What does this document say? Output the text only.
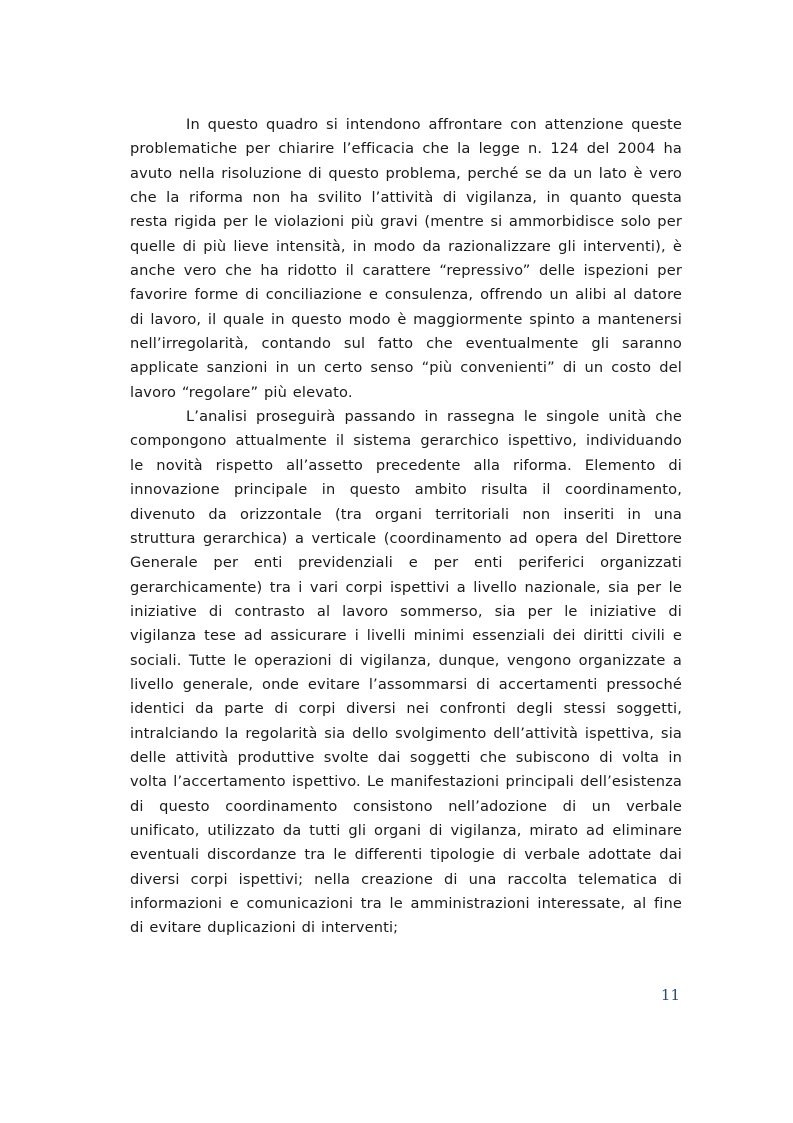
In questo quadro si intendono affrontare con attenzione queste problematiche per chiarire l’efficacia che la legge n. 124 del 2004 ha avuto nella risoluzione di questo problema, perché se da un lato è vero che la riforma non ha svilito l’attività di vigilanza, in quanto questa resta rigida per le violazioni più gravi (mentre si ammorbidisce solo per quelle di più lieve intensità, in modo da razionalizzare gli interventi), è anche vero che ha ridotto il carattere “repressivo” delle ispezioni per favorire forme di conciliazione e consulenza, offrendo un alibi al datore di lavoro, il quale in questo modo è maggiormente spinto a mantenersi nell’irregolarità, contando sul fatto che eventualmente gli saranno applicate sanzioni in un certo senso “più convenienti” di un costo del lavoro “regolare” più elevato.

L’analisi proseguirà passando in rassegna le singole unità che compongono attualmente il sistema gerarchico ispettivo, individuando le novità rispetto all’assetto precedente alla riforma. Elemento di innovazione principale in questo ambito risulta il coordinamento, divenuto da orizzontale (tra organi territoriali non inseriti in una struttura gerarchica) a verticale (coordinamento ad opera del Direttore Generale per enti previdenziali e per enti periferici organizzati gerarchicamente) tra i vari corpi ispettivi a livello nazionale, sia per le iniziative di contrasto al lavoro sommerso, sia per le iniziative di vigilanza tese ad assicurare i livelli minimi essenziali dei diritti civili e sociali. Tutte le operazioni di vigilanza, dunque, vengono organizzate a livello generale, onde evitare l’assommarsi di accertamenti pressoché identici da parte di corpi diversi nei confronti degli stessi soggetti, intralciando la regolarità sia dello svolgimento dell’attività ispettiva, sia delle attività produttive svolte dai soggetti che subiscono di volta in volta l’accertamento ispettivo. Le manifestazioni principali dell’esistenza di questo coordinamento consistono nell’adozione di un verbale unificato, utilizzato da tutti gli organi di vigilanza, mirato ad eliminare eventuali discordanze tra le differenti tipologie di verbale adottate dai diversi corpi ispettivi; nella creazione di una raccolta telematica di informazioni e comunicazioni tra le amministrazioni interessate, al fine di evitare duplicazioni di interventi;

11
